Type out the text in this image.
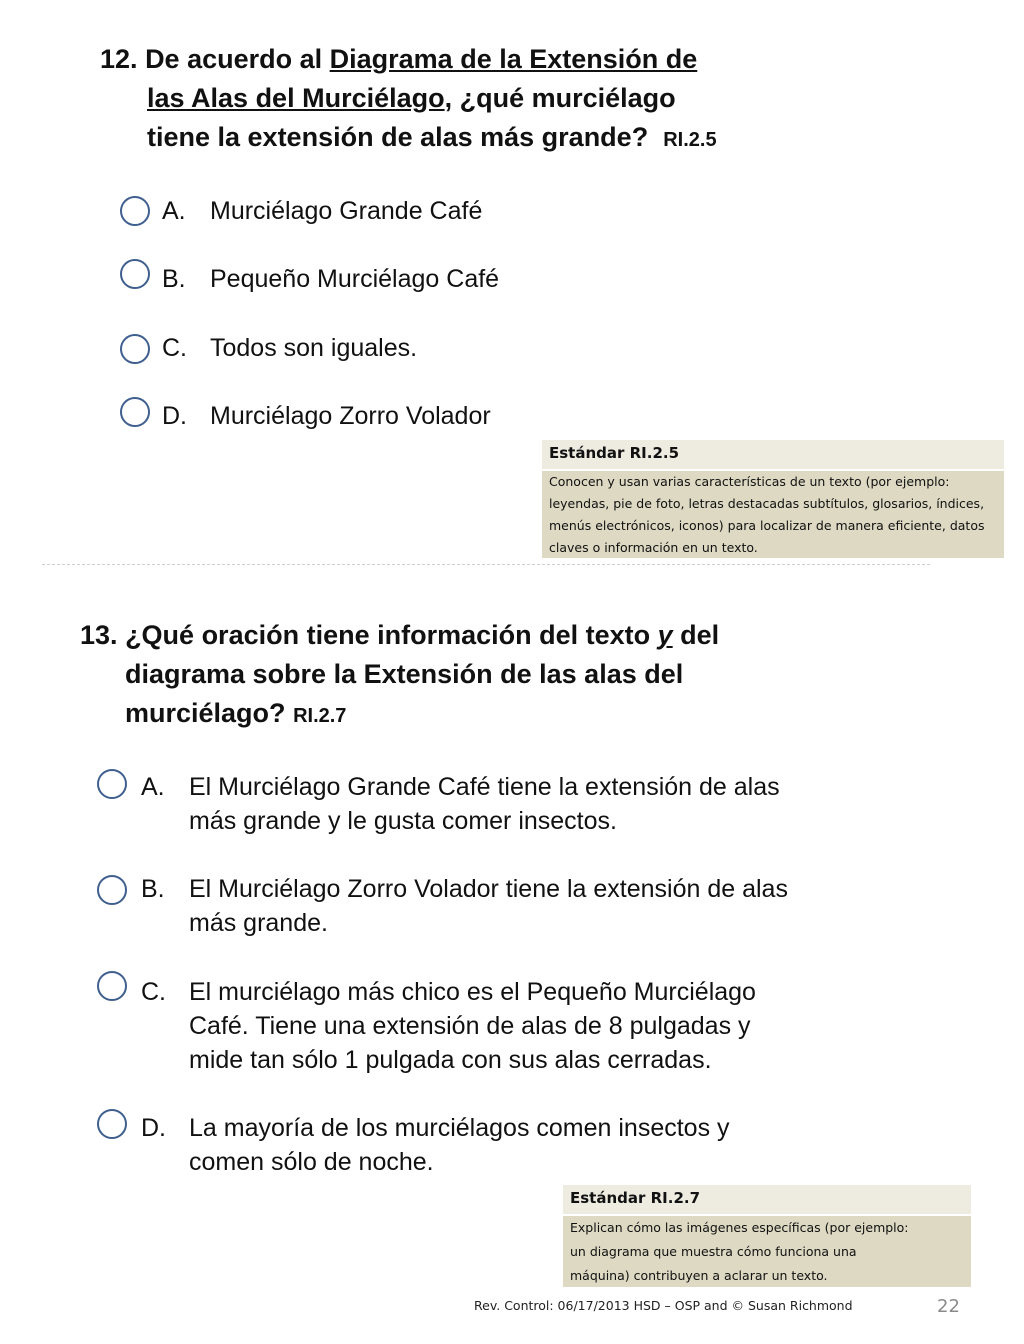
12. De acuerdo al Diagrama de la Extensión de
las Alas del Murciélago, ¿qué murciélago
tiene la extensión de alas más grande? RI.2.5
A. Murciélago Grande Café
B. Pequeño Murciélago Café
C. Todos son iguales.
D. Murciélago Zorro Volador
Estándar RI.2.5
Conocen y usan varias características de un texto (por ejemplo:
leyendas, pie de foto, letras destacadas subtítulos, glosarios, índices,
menús electrónicos, iconos) para localizar de manera eficiente, datos
claves o información en un texto.
13. ¿Qué oración tiene información del texto y del
diagrama sobre la Extensión de las alas del
murciélago? RI.2.7
A. El Murciélago Grande Café tiene la extensión de alas
más grande y le gusta comer insectos.
B. El Murciélago Zorro Volador tiene la extensión de alas
más grande.
C. El murciélago más chico es el Pequeño Murciélago
Café. Tiene una extensión de alas de 8 pulgadas y
mide tan sólo 1 pulgada con sus alas cerradas.
D. La mayoría de los murciélagos comen insectos y
comen sólo de noche.
Estándar RI.2.7
Explican cómo las imágenes específicas (por ejemplo:
un diagrama que muestra cómo funciona una
máquina) contribuyen a aclarar un texto.
Rev. Control: 06/17/2013 HSD – OSP and © Susan Richmond	22
